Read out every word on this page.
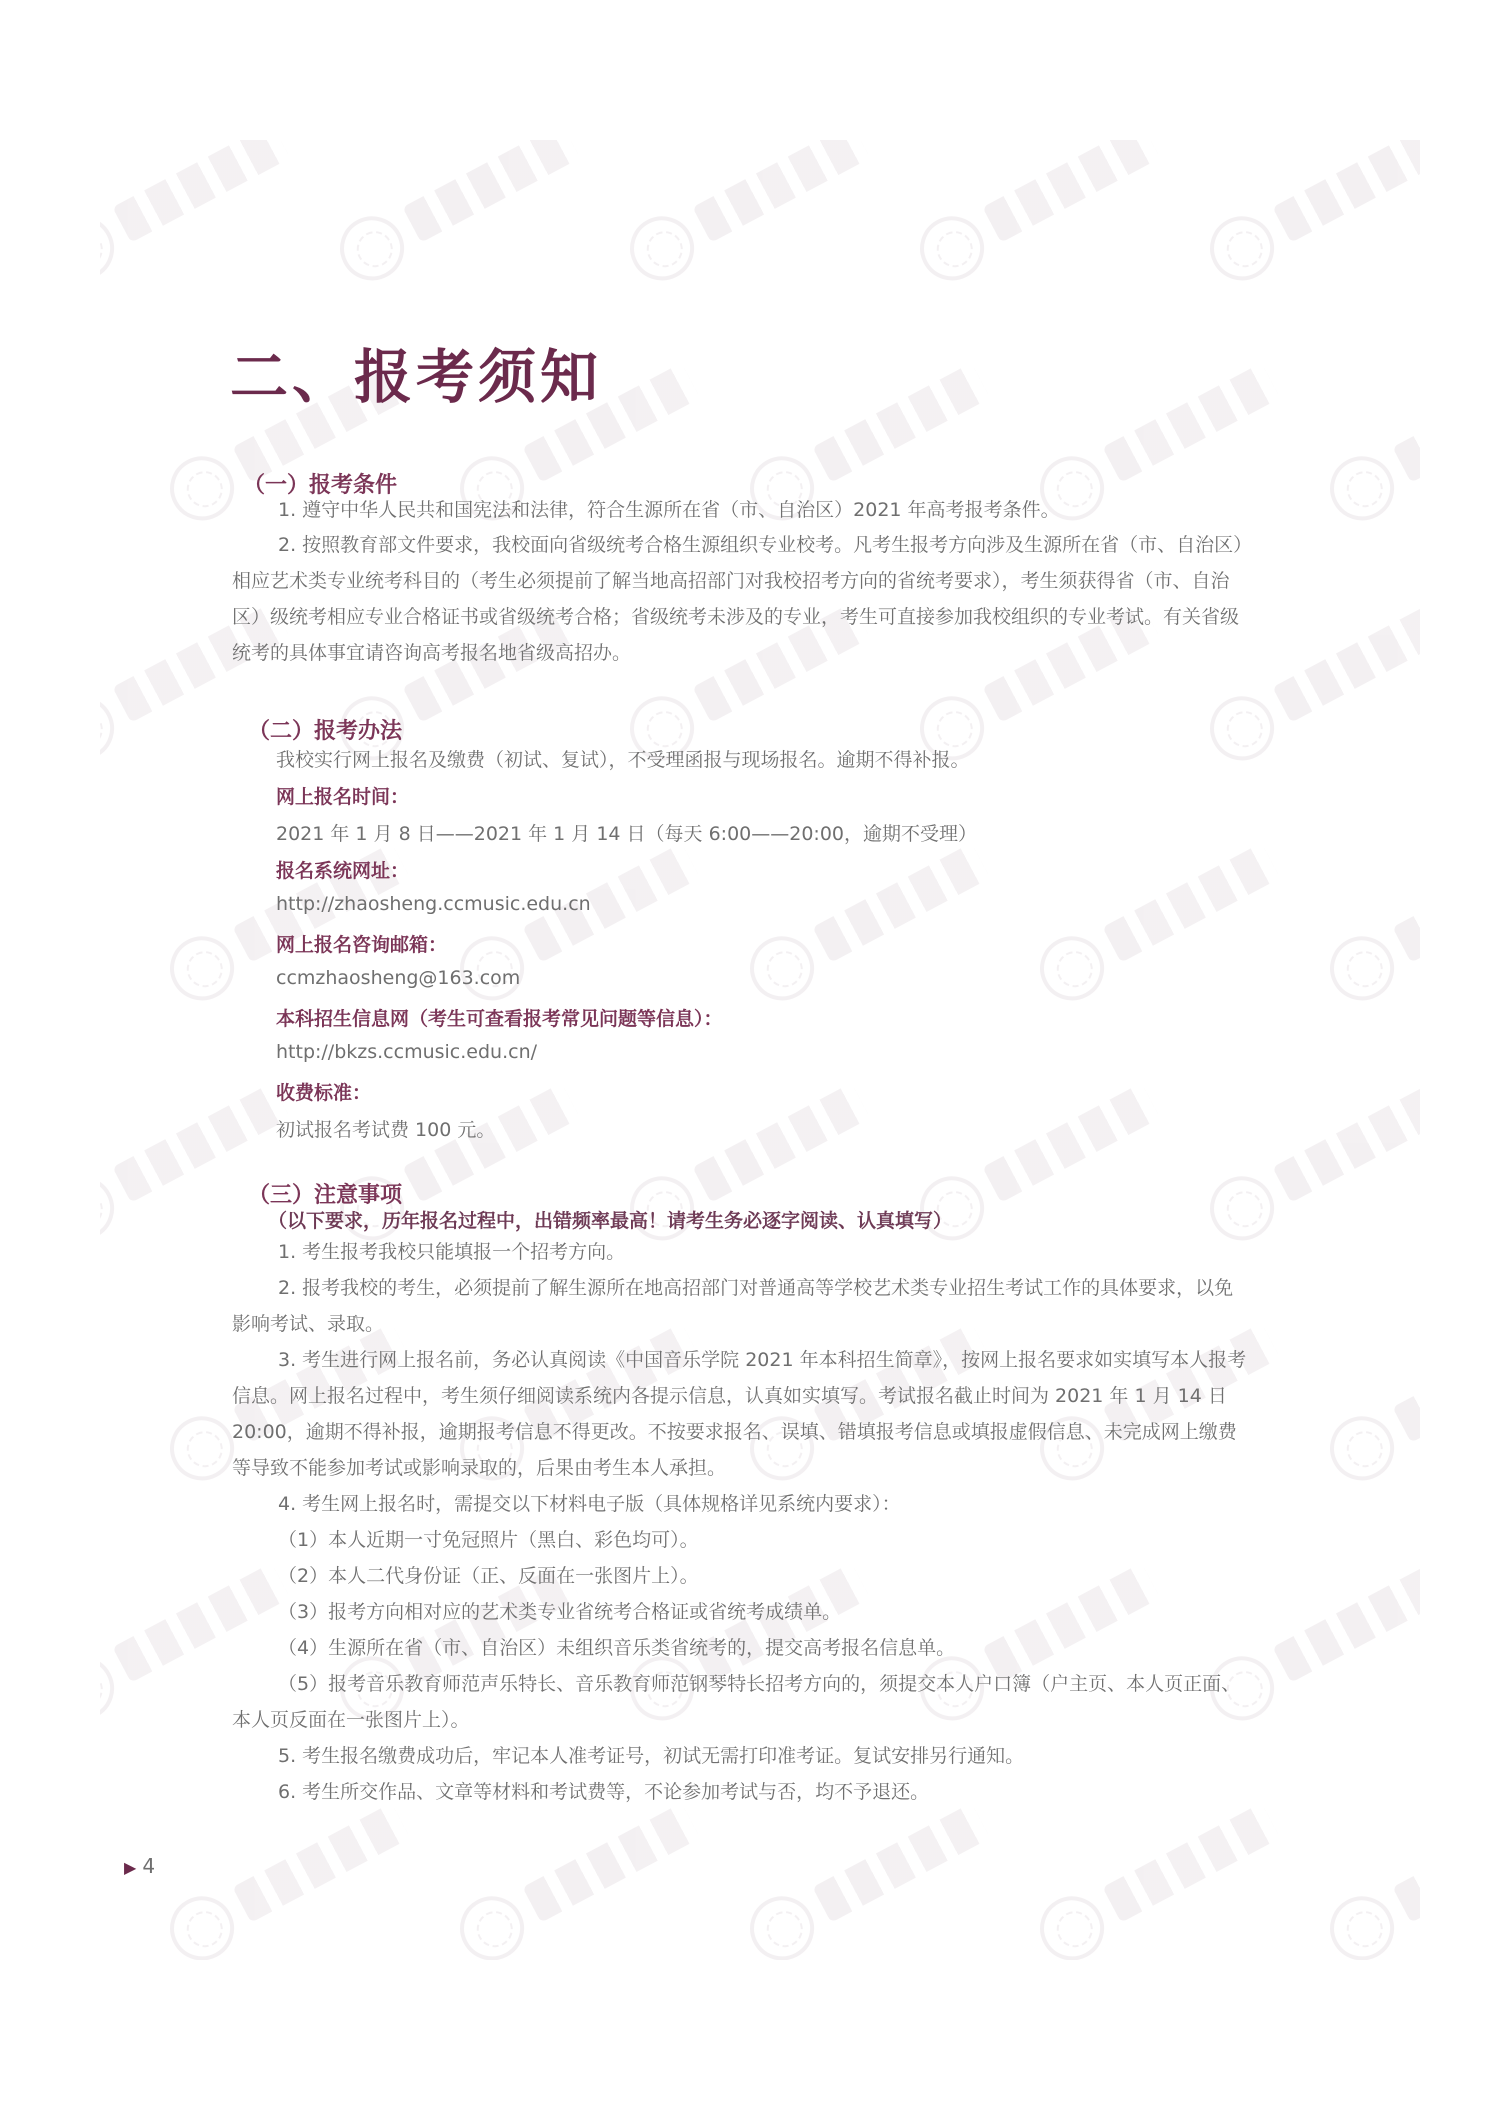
二、报考须知
（一）报考条件

1. 遵守中华人民共和国宪法和法律，符合生源所在省（市、自治区）2021 年高考报考条件。

2. 按照教育部文件要求，我校面向省级统考合格生源组织专业校考。凡考生报考方向涉及生源所在省（市、自治区）相应艺术类专业统考科目的（考生必须提前了解当地高招部门对我校招考方向的省统考要求），考生须获得省（市、自治区）级统考相应专业合格证书或省级统考合格；省级统考未涉及的专业，考生可直接参加我校组织的专业考试。有关省级统考的具体事宜请咨询高考报名地省级高招办。

（二）报考办法
我校实行网上报名及缴费（初试、复试），不受理函报与现场报名。逾期不得补报。
网上报名时间：
2021 年 1 月 8 日——2021 年 1 月 14 日（每天 6:00——20:00，逾期不受理）
报名系统网址：
http://zhaosheng.ccmusic.edu.cn
网上报名咨询邮箱：
ccmzhaosheng@163.com
本科招生信息网（考生可查看报考常见问题等信息）：
http://bkzs.ccmusic.edu.cn/
收费标准：
初试报名考试费 100 元。
（三）注意事项
（以下要求，历年报名过程中，出错频率最高！请考生务必逐字阅读、认真填写）

1. 考生报考我校只能填报一个招考方向。

2. 报考我校的考生，必须提前了解生源所在地高招部门对普通高等学校艺术类专业招生考试工作的具体要求，以免影响考试、录取。

3. 考生进行网上报名前，务必认真阅读《中国音乐学院 2021 年本科招生简章》，按网上报名要求如实填写本人报考信息。网上报名过程中，考生须仔细阅读系统内各提示信息，认真如实填写。考试报名截止时间为 2021 年 1 月 14 日 20:00，逾期不得补报，逾期报考信息不得更改。不按要求报名、误填、错填报考信息或填报虚假信息、未完成网上缴费等导致不能参加考试或影响录取的，后果由考生本人承担。

4. 考生网上报名时，需提交以下材料电子版（具体规格详见系统内要求）：

（1）本人近期一寸免冠照片（黑白、彩色均可）。

（2）本人二代身份证（正、反面在一张图片上）。

（3）报考方向相对应的艺术类专业省统考合格证或省统考成绩单。

（4）生源所在省（市、自治区）未组织音乐类省统考的，提交高考报名信息单。

（5）报考音乐教育师范声乐特长、音乐教育师范钢琴特长招考方向的，须提交本人户口簿（户主页、本人页正面、本人页反面在一张图片上）。

5. 考生报名缴费成功后，牢记本人准考证号，初试无需打印准考证。复试安排另行通知。

6. 考生所交作品、文章等材料和考试费等，不论参加考试与否，均不予退还。

▶ 4
